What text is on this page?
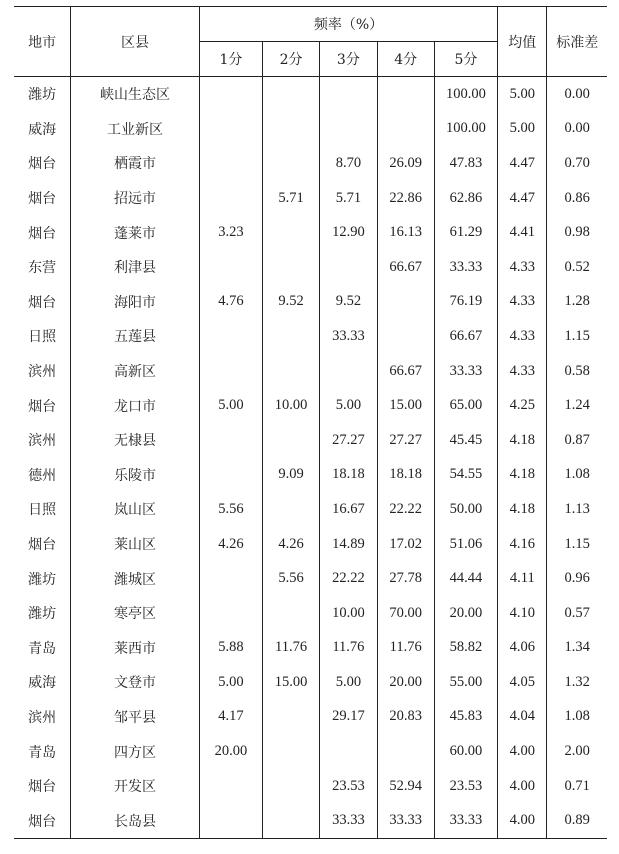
地市	区县	频率（%）					均值	标准差
		1分	2分	3分	4分	5分		
潍坊	峡山生态区					100.00	5.00	0.00
威海	工业新区					100.00	5.00	0.00
烟台	栖霞市			8.70	26.09	47.83	4.47	0.70
烟台	招远市		5.71	5.71	22.86	62.86	4.47	0.86
烟台	蓬莱市	3.23		12.90	16.13	61.29	4.41	0.98
东营	利津县				66.67	33.33	4.33	0.52
烟台	海阳市	4.76	9.52	9.52		76.19	4.33	1.28
日照	五莲县			33.33		66.67	4.33	1.15
滨州	高新区				66.67	33.33	4.33	0.58
烟台	龙口市	5.00	10.00	5.00	15.00	65.00	4.25	1.24
滨州	无棣县			27.27	27.27	45.45	4.18	0.87
德州	乐陵市		9.09	18.18	18.18	54.55	4.18	1.08
日照	岚山区	5.56		16.67	22.22	50.00	4.18	1.13
烟台	莱山区	4.26	4.26	14.89	17.02	51.06	4.16	1.15
潍坊	潍城区		5.56	22.22	27.78	44.44	4.11	0.96
潍坊	寒亭区			10.00	70.00	20.00	4.10	0.57
青岛	莱西市	5.88	11.76	11.76	11.76	58.82	4.06	1.34
威海	文登市	5.00	15.00	5.00	20.00	55.00	4.05	1.32
滨州	邹平县	4.17		29.17	20.83	45.83	4.04	1.08
青岛	四方区	20.00				60.00	4.00	2.00
烟台	开发区			23.53	52.94	23.53	4.00	0.71
烟台	长岛县			33.33	33.33	33.33	4.00	0.89
